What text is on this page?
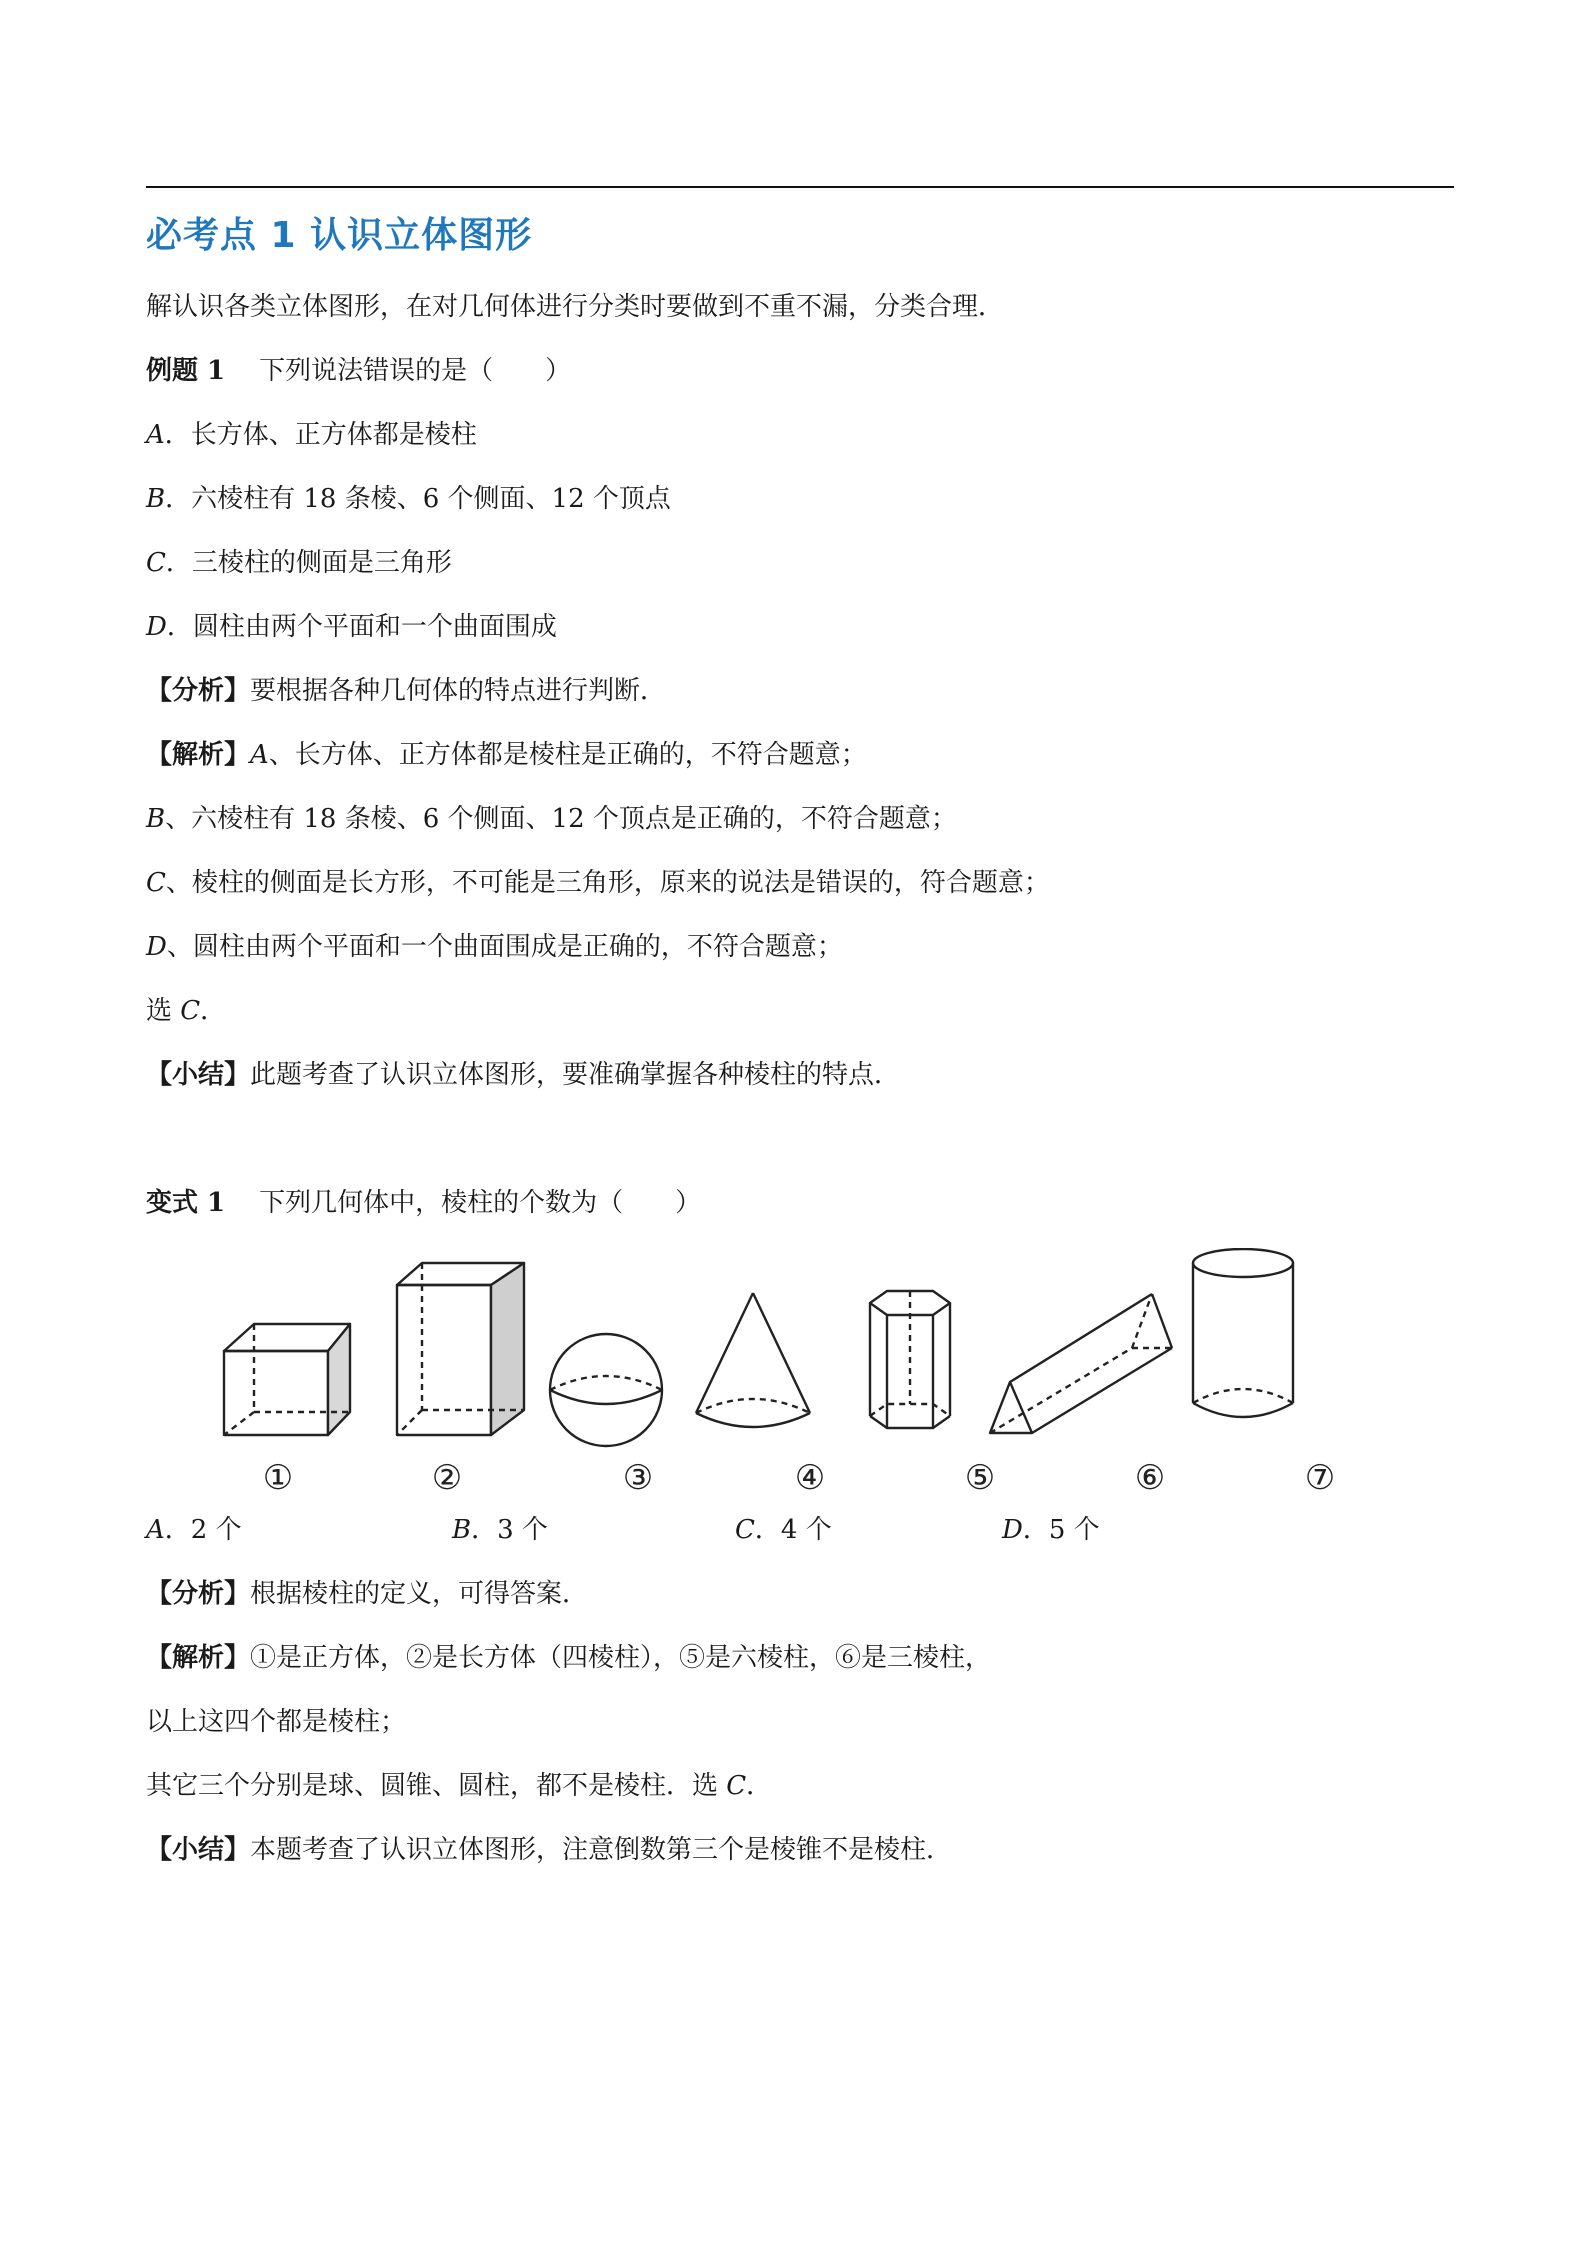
必考点 1 认识立体图形
解认识各类立体图形，在对几何体进行分类时要做到不重不漏，分类合理．
例题 1 下列说法错误的是（　　）
A．长方体、正方体都是棱柱
B．六棱柱有 18 条棱、6 个侧面、12 个顶点
C．三棱柱的侧面是三角形
D．圆柱由两个平面和一个曲面围成
【分析】要根据各种几何体的特点进行判断．
【解析】A、长方体、正方体都是棱柱是正确的，不符合题意；
B、六棱柱有 18 条棱、6 个侧面、12 个顶点是正确的，不符合题意；
C、棱柱的侧面是长方形，不可能是三角形，原来的说法是错误的，符合题意；
D、圆柱由两个平面和一个曲面围成是正确的，不符合题意；
选 C．
【小结】此题考查了认识立体图形，要准确掌握各种棱柱的特点．
变式 1 下列几何体中，棱柱的个数为（　　）
①	②	③	④	⑤	⑥	⑦
A．2 个	B．3 个	C．4 个	D．5 个
【分析】根据棱柱的定义，可得答案．
【解析】①是正方体，②是长方体（四棱柱），⑤是六棱柱，⑥是三棱柱，
以上这四个都是棱柱；
其它三个分别是球、圆锥、圆柱，都不是棱柱．选 C．
【小结】本题考查了认识立体图形，注意倒数第三个是棱锥不是棱柱．
